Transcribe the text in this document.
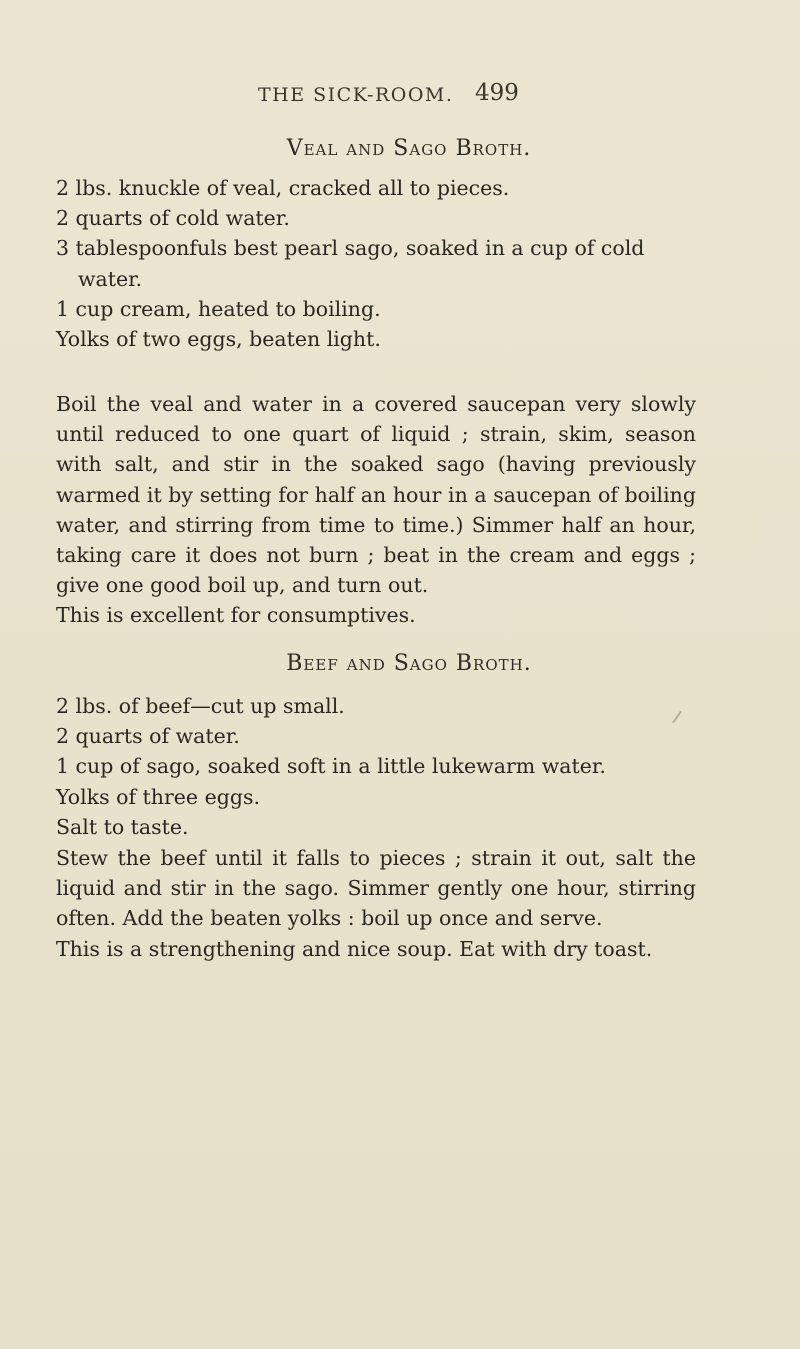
THE SICK-ROOM. 499
Veal and Sago Broth.
2 lbs. knuckle of veal, cracked all to pieces.
2 quarts of cold water.
3 tablespoonfuls best pearl sago, soaked in a cup of cold
water.
1 cup cream, heated to boiling.
Yolks of two eggs, beaten light.

Boil the veal and water in a covered saucepan very slowly until reduced to one quart of liquid ; strain, skim, season with salt, and stir in the soaked sago (having previously warmed it by setting for half an hour in a saucepan of boiling water, and stirring from time to time.) Simmer half an hour, taking care it does not burn ; beat in the cream and eggs ; give one good boil up, and turn out.

This is excellent for consumptives.

Beef and Sago Broth.
2 lbs. of beef—cut up small.
2 quarts of water.
1 cup of sago, soaked soft in a little lukewarm water.
Yolks of three eggs.
Salt to taste.

Stew the beef until it falls to pieces ; strain it out, salt the liquid and stir in the sago. Simmer gently one hour, stirring often. Add the beaten yolks : boil up once and serve.

This is a strengthening and nice soup. Eat with dry toast.
